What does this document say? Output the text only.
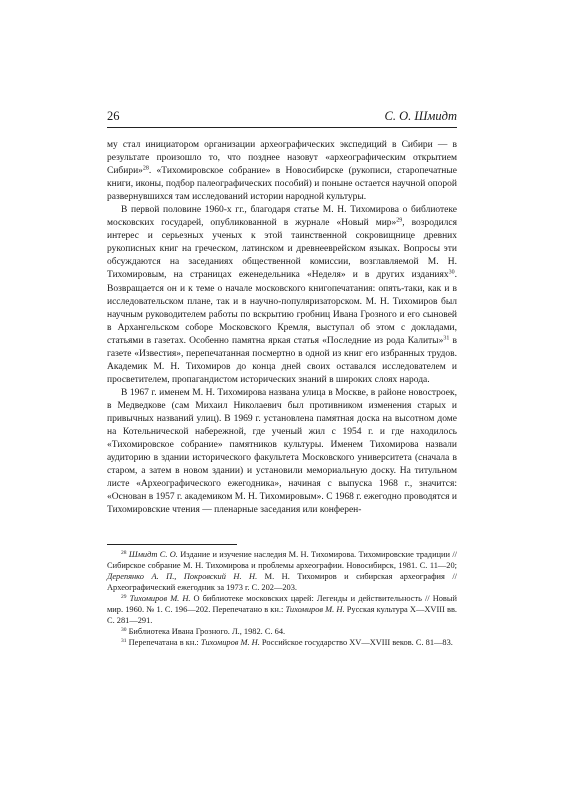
26	С. О. Шмидт

му стал инициатором организации археографических экспедиций в Сибири — в результате произошло то, что позднее назовут «археографическим открытием Сибири»$^{28}$. «Тихомировское собрание» в Новосибирске (рукописи, старопечатные книги, иконы, подбор палеографических пособий) и поныне остается научной опорой развернувшихся там исследований истории народной культуры.

В первой половине 1960-х гг., благодаря статье М. Н. Тихомирова о библиотеке московских государей, опубликованной в журнале «Новый мир»$^{29}$, возродился интерес и серьезных ученых к этой таинственной сокровищнице древних рукописных книг на греческом, латинском и древнееврейском языках. Вопросы эти обсуждаются на заседаниях общественной комиссии, возглавляемой М. Н. Тихомировым, на страницах еженедельника «Неделя» и в других изданиях$^{30}$. Возвращается он и к теме о начале московского книгопечатания: опять-таки, как и в исследовательском плане, так и в научно-популяризаторском. М. Н. Тихомиров был научным руководителем работы по вскрытию гробниц Ивана Грозного и его сыновей в Архангельском соборе Московского Кремля, выступал об этом с докладами, статьями в газетах. Особенно памятна яркая статья «Последние из рода Калиты»$^{31}$ в газете «Известия», перепечатанная посмертно в одной из книг его избранных трудов. Академик М. Н. Тихомиров до конца дней своих оставался исследователем и просветителем, пропагандистом исторических знаний в широких слоях народа.

В 1967 г. именем М. Н. Тихомирова названа улица в Москве, в районе новостроек, в Медведкове (сам Михаил Николаевич был противником изменения старых и привычных названий улиц). В 1969 г. установлена памятная доска на высотном доме на Котельнической набережной, где ученый жил с 1954 г. и где находилось «Тихомировское собрание» памятников культуры. Именем Тихомирова назвали аудиторию в здании исторического факультета Московского университета (сначала в старом, а затем в новом здании) и установили мемориальную доску. На титульном листе «Археографического ежегодника», начиная с выпуска 1968 г., значится: «Основан в 1957 г. академиком М. Н. Тихомировым». С 1968 г. ежегодно проводятся и Тихомировские чтения — пленарные заседания или конферен-

$^{28}$ Шмидт С. О. Издание и изучение наследия М. Н. Тихомирова. Тихомировские традиции // Сибирское собрание М. Н. Тихомирова и проблемы археографии. Новосибирск, 1981. С. 11—20; Дерепянко А. П., Покровский Н. Н. М. Н. Тихомиров и сибирская археография // Археографический ежегодник за 1973 г. С. 202—203.

$^{29}$ Тихомиров М. Н. О библиотеке московских царей: Легенды и действительность // Новый мир. 1960. № 1. С. 196—202. Перепечатано в кн.: Тихомиров М. Н. Русская культура X—XVIII вв. С. 281—291.

$^{30}$ Библиотека Ивана Грозного. Л., 1982. С. 64.

$^{31}$ Перепечатана в кн.: Тихомиров М. Н. Российское государство XV—XVIII веков. С. 81—83.
